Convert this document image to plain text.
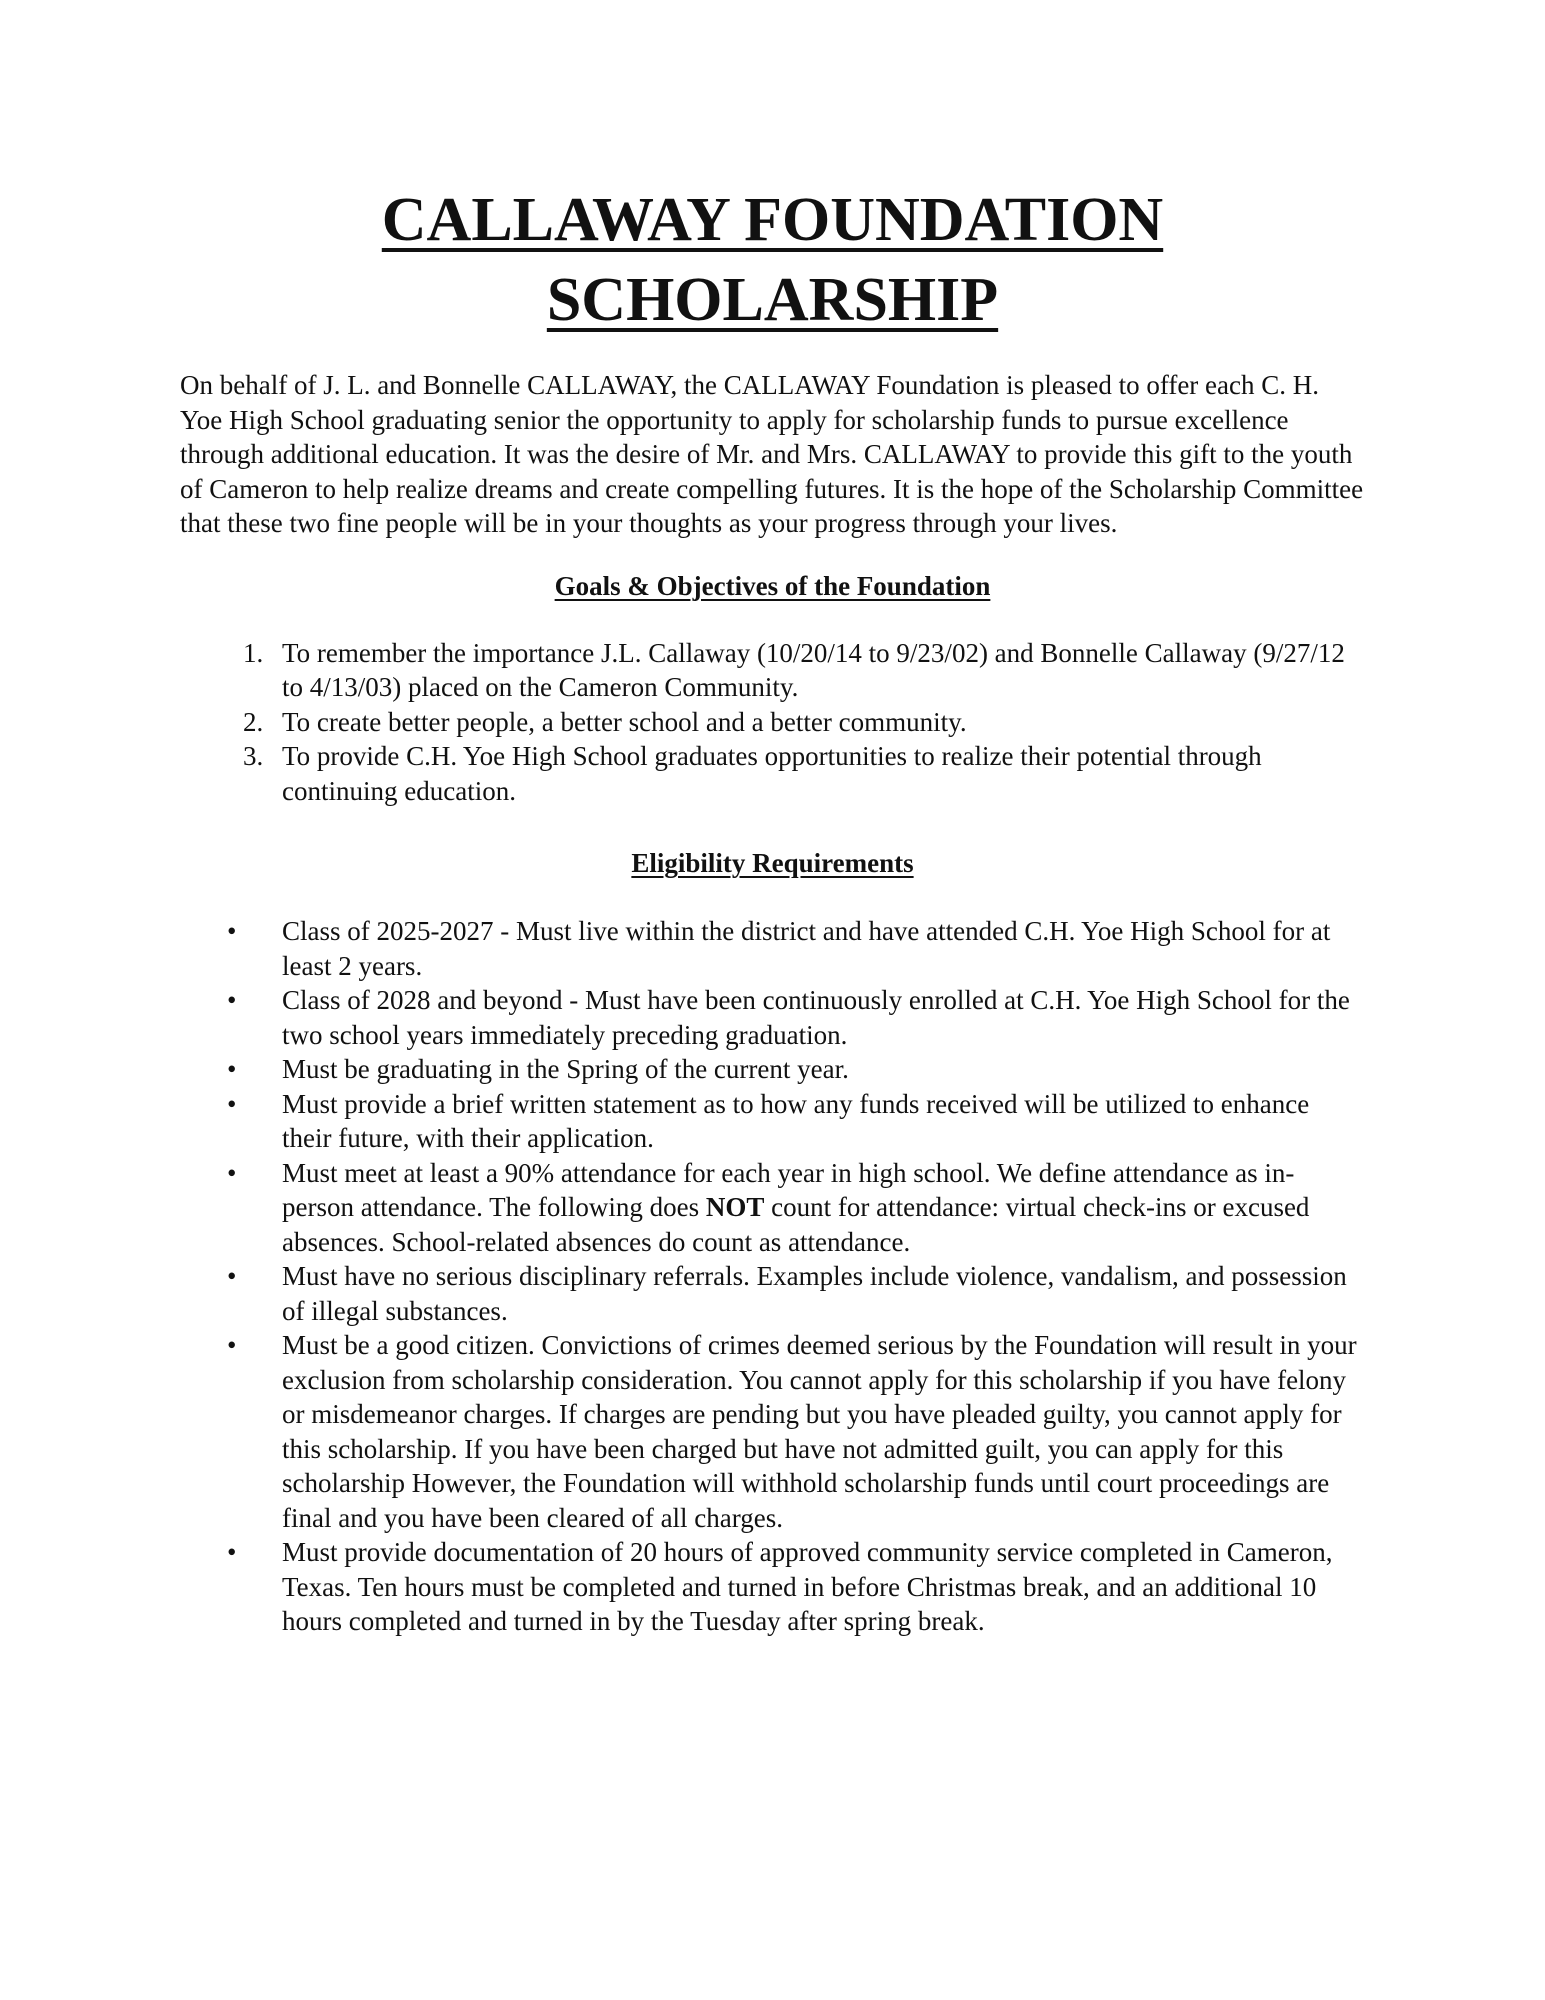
CALLAWAY FOUNDATION
SCHOLARSHIP

On behalf of J. L. and Bonnelle CALLAWAY, the CALLAWAY Foundation is pleased to offer each C. H. Yoe High School graduating senior the opportunity to apply for scholarship funds to pursue excellence through additional education. It was the desire of Mr. and Mrs. CALLAWAY to provide this gift to the youth of Cameron to help realize dreams and create compelling futures. It is the hope of the Scholarship Committee that these two fine people will be in your thoughts as your progress through your lives.

Goals & Objectives of the Foundation
1. To remember the importance J.L. Callaway (10/20/14 to 9/23/02) and Bonnelle Callaway (9/27/12 to 4/13/03) placed on the Cameron Community.
2. To create better people, a better school and a better community.
3. To provide C.H. Yoe High School graduates opportunities to realize their potential through continuing education.
Eligibility Requirements
• Class of 2025-2027 - Must live within the district and have attended C.H. Yoe High School for at least 2 years.
• Class of 2028 and beyond - Must have been continuously enrolled at C.H. Yoe High School for the two school years immediately preceding graduation.
• Must be graduating in the Spring of the current year.
• Must provide a brief written statement as to how any funds received will be utilized to enhance their future, with their application.
• Must meet at least a 90% attendance for each year in high school. We define attendance as in-person attendance. The following does NOT count for attendance: virtual check-ins or excused absences. School-related absences do count as attendance.
• Must have no serious disciplinary referrals. Examples include violence, vandalism, and possession of illegal substances.
• Must be a good citizen. Convictions of crimes deemed serious by the Foundation will result in your exclusion from scholarship consideration. You cannot apply for this scholarship if you have felony or misdemeanor charges. If charges are pending but you have pleaded guilty, you cannot apply for this scholarship. If you have been charged but have not admitted guilt, you can apply for this scholarship However, the Foundation will withhold scholarship funds until court proceedings are final and you have been cleared of all charges.
• Must provide documentation of 20 hours of approved community service completed in Cameron, Texas. Ten hours must be completed and turned in before Christmas break, and an additional 10 hours completed and turned in by the Tuesday after spring break.
